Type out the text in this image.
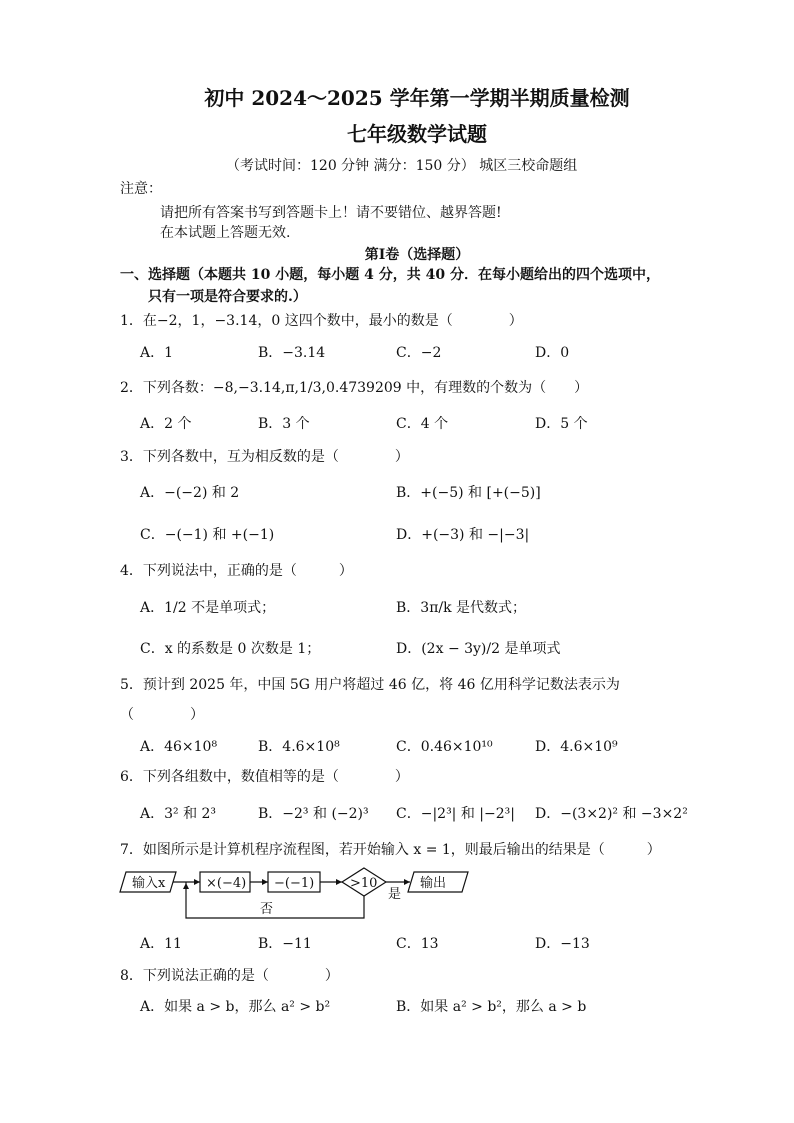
初中 2024～2025 学年第一学期半期质量检测
七年级数学试题
（考试时间：120 分钟 满分：150 分） 城区三校命题组
注意：
请把所有答案书写到答题卡上！请不要错位、越界答题!
在本试题上答题无效.
第Ⅰ卷（选择题）
一、选择题（本题共 10 小题，每小题 4 分，共 40 分．在每小题给出的四个选项中，
只有一项是符合要求的.）
1．在−2，1，−3.14，0 这四个数中，最小的数是（　　　　）
A．1	B．−3.14	C．−2	D．0
2．下列各数：−8,−3.14,π,1/3,0.4739209 中，有理数的个数为（　　）
A．2 个	B．3 个	C．4 个	D．5 个
3．下列各数中，互为相反数的是（　　　　）
A．−(−2) 和 2	B．+(−5) 和 [+(−5)]
C．−(−1) 和 +(−1)	D．+(−3) 和 −|−3|
4．下列说法中，正确的是（　　　）
A．1/2 不是单项式；	B．3π/k 是代数式；
C．x 的系数是 0 次数是 1；	D．(2x − 3y)/2 是单项式
5．预计到 2025 年，中国 5G 用户将超过 46 亿，将 46 亿用科学记数法表示为
（　　　　）
A．46×10⁸	B．4.6×10⁸	C．0.46×10¹⁰	D．4.6×10⁹
6．下列各组数中，数值相等的是（　　　　）
A．3² 和 2³	B．−2³ 和 (−2)³ C．−|2³| 和 |−2³| D．−(3×2)² 和 −3×2²
7．如图所示是计算机程序流程图，若开始输入 x = 1，则最后输出的结果是（　　　）
输入x	×(−4) −(−1)	>10	输出
是
否
A．11	B．−11	C．13	D．−13
8．下列说法正确的是（　　　　）
A．如果 a > b，那么 a² > b²	B．如果 a² > b²，那么 a > b
